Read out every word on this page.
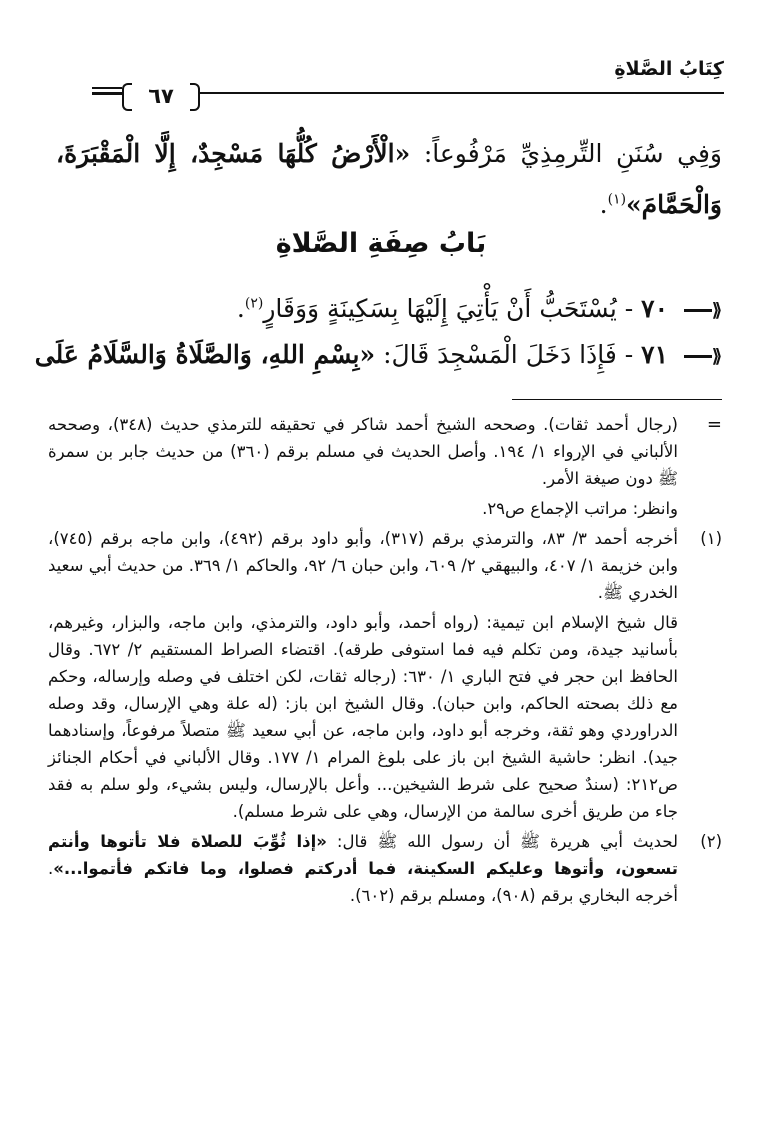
كِتَابُ الصَّلاةِ
٦٧
وَفِي سُنَنِ التِّرمِذِيِّ مَرْفُوعاً: «الْأَرْضُ كُلُّهَا مَسْجِدٌ، إِلَّا الْمَقْبَرَةَ، وَالْحَمَّامَ»$^{(١)}$.
بَابُ صِفَةِ الصَّلاةِ
⟪
٧٠ - يُسْتَحَبُّ أَنْ يَأْتِيَ إِلَيْهَا بِسَكِينَةٍ وَوَقَارٍ$^{(٢)}$.
⟪
٧١ - فَإِذَا دَخَلَ الْمَسْجِدَ قَالَ: «بِسْمِ اللهِ، وَالصَّلَاةُ وَالسَّلَامُ عَلَى
=

(رجال أحمد ثقات). وصححه الشيخ أحمد شاكر في تحقيقه للترمذي حديث (٣٤٨)، وصححه الألباني في الإرواء ١/ ١٩٤. وأصل الحديث في مسلم برقم (٣٦٠) من حديث جابر بن سمرة ﷺ دون صيغة الأمر.

وانظر: مراتب الإجماع ص٢٩.

(١)

أخرجه أحمد ٣/ ٨٣، والترمذي برقم (٣١٧)، وأبو داود برقم (٤٩٢)، وابن ماجه برقم (٧٤٥)، وابن خزيمة ١/ ٤٠٧، والبيهقي ٢/ ٦٠٩، وابن حبان ٦/ ٩٢، والحاكم ١/ ٣٦٩. من حديث أبي سعيد الخدري ﷺ.

قال شيخ الإسلام ابن تيمية: (رواه أحمد، وأبو داود، والترمذي، وابن ماجه، والبزار، وغيرهم، بأسانيد جيدة، ومن تكلم فيه فما استوفى طرقه). اقتضاء الصراط المستقيم ٢/ ٦٧٢. وقال الحافظ ابن حجر في فتح الباري ١/ ٦٣٠: (رجاله ثقات، لكن اختلف في وصله وإرساله، وحكم مع ذلك بصحته الحاكم، وابن حبان). وقال الشيخ ابن باز: (له علة وهي الإرسال، وقد وصله الدراوردي وهو ثقة، وخرجه أبو داود، وابن ماجه، عن أبي سعيد ﷺ متصلاً مرفوعاً، وإسنادهما جيد). انظر: حاشية الشيخ ابن باز على بلوغ المرام ١/ ١٧٧. وقال الألباني في أحكام الجنائز ص٢١٢: (سندٌ صحيح على شرط الشيخين... وأعل بالإرسال، وليس بشيء، ولو سلم به فقد جاء من طريق أخرى سالمة من الإرسال، وهي على شرط مسلم).

(٢)

لحديث أبي هريرة ﷺ أن رسول الله ﷺ قال: «إذا ثُوِّبَ للصلاة فلا تأتوها وأنتم تسعون، وأتوها وعليكم السكينة، فما أدركتم فصلوا، وما فاتكم فأتموا...». أخرجه البخاري برقم (٩٠٨)، ومسلم برقم (٦٠٢).
